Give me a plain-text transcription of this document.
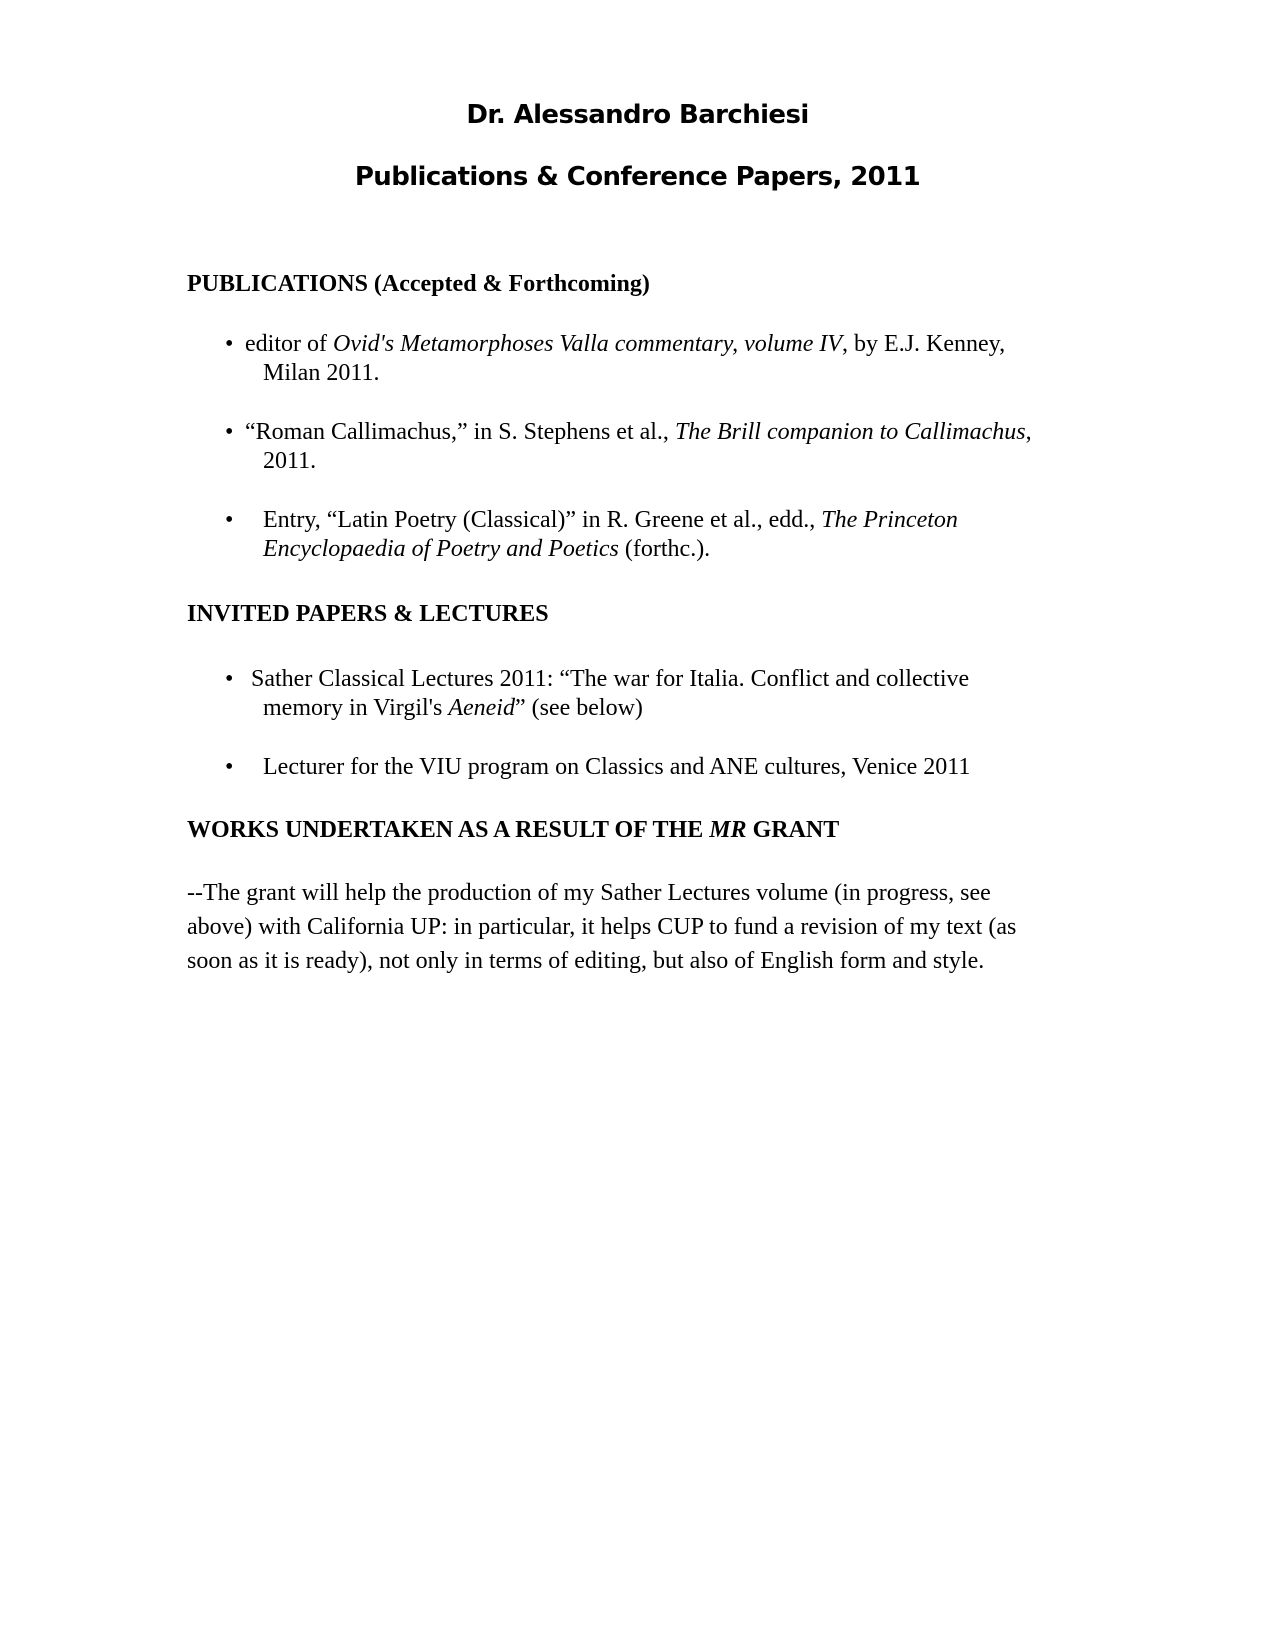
Dr. Alessandro Barchiesi
Publications & Conference Papers, 2011
PUBLICATIONS (Accepted & Forthcoming)
• editor of Ovid's Metamorphoses Valla commentary, volume IV, by E.J. Kenney,
Milan 2011.
• “Roman Callimachus,” in S. Stephens et al., The Brill companion to Callimachus,
2011.
•	Entry, “Latin Poetry (Classical)” in R. Greene et al., edd., The Princeton
Encyclopaedia of Poetry and Poetics (forthc.).
INVITED PAPERS & LECTURES
• Sather Classical Lectures 2011: “The war for Italia. Conflict and collective
memory in Virgil's Aeneid” (see below)
•	Lecturer for the VIU program on Classics and ANE cultures, Venice 2011
WORKS UNDERTAKEN AS A RESULT OF THE MR GRANT

--The grant will help the production of my Sather Lectures volume (in progress, see
above) with California UP: in particular, it helps CUP to fund a revision of my text (as
soon as it is ready), not only in terms of editing, but also of English form and style.
